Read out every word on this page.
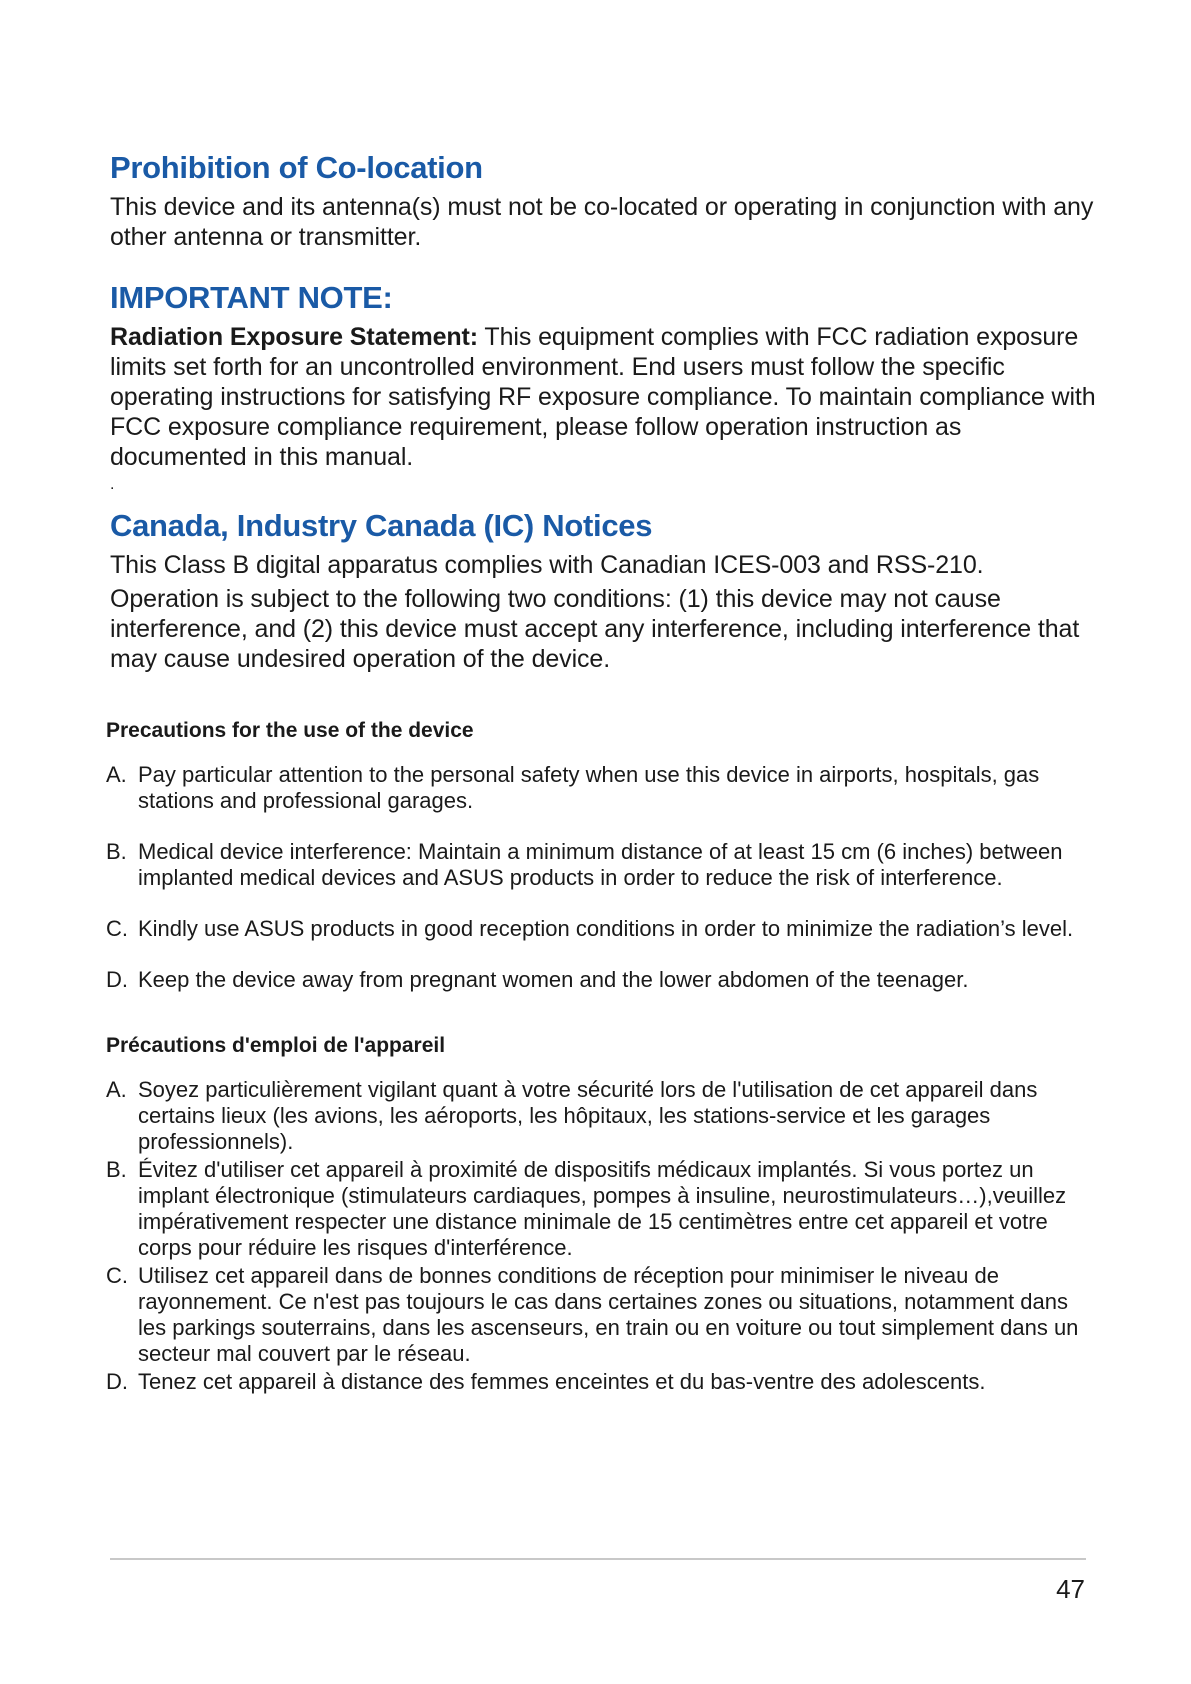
Prohibition of Co-location

This device and its antenna(s) must not be co-located or operating in conjunction with any other antenna or transmitter.

IMPORTANT NOTE:

Radiation Exposure Statement: This equipment complies with FCC radiation exposure limits set forth for an uncontrolled environment. End users must follow the specific operating instructions for satisfying RF exposure compliance. To maintain compliance with FCC exposure compliance requirement, please follow operation instruction as documented in this manual.

.
Canada, Industry Canada (IC) Notices

This Class B digital apparatus complies with Canadian ICES-003 and RSS-210.

Operation is subject to the following two conditions: (1) this device may not cause interference, and (2) this device must accept any interference, including interference that may cause undesired operation of the device.

Precautions for the use of the device
A. Pay particular attention to the personal safety when use this device in airports, hospitals, gas stations and professional garages.
B. Medical device interference: Maintain a minimum distance of at least 15 cm (6 inches) between implanted medical devices and ASUS products in order to reduce the risk of interference.
C. Kindly use ASUS products in good reception conditions in order to minimize the radiation’s level.
D. Keep the device away from pregnant women and the lower abdomen of the teenager.
Précautions d'emploi de l'appareil
A. Soyez particulièrement vigilant quant à votre sécurité lors de l'utilisation de cet appareil dans certains lieux (les avions, les aéroports, les hôpitaux, les stations-service et les garages professionnels).
B. Évitez d'utiliser cet appareil à proximité de dispositifs médicaux implantés. Si vous portez un implant électronique (stimulateurs cardiaques, pompes à insuline, neurostimulateurs…),veuillez impérativement respecter une distance minimale de 15 centimètres entre cet appareil et votre corps pour réduire les risques d'interférence.
C. Utilisez cet appareil dans de bonnes conditions de réception pour minimiser le niveau de rayonnement. Ce n'est pas toujours le cas dans certaines zones ou situations, notamment dans les parkings souterrains, dans les ascenseurs, en train ou en voiture ou tout simplement dans un secteur mal couvert par le réseau.
D. Tenez cet appareil à distance des femmes enceintes et du bas-ventre des adolescents.
47
